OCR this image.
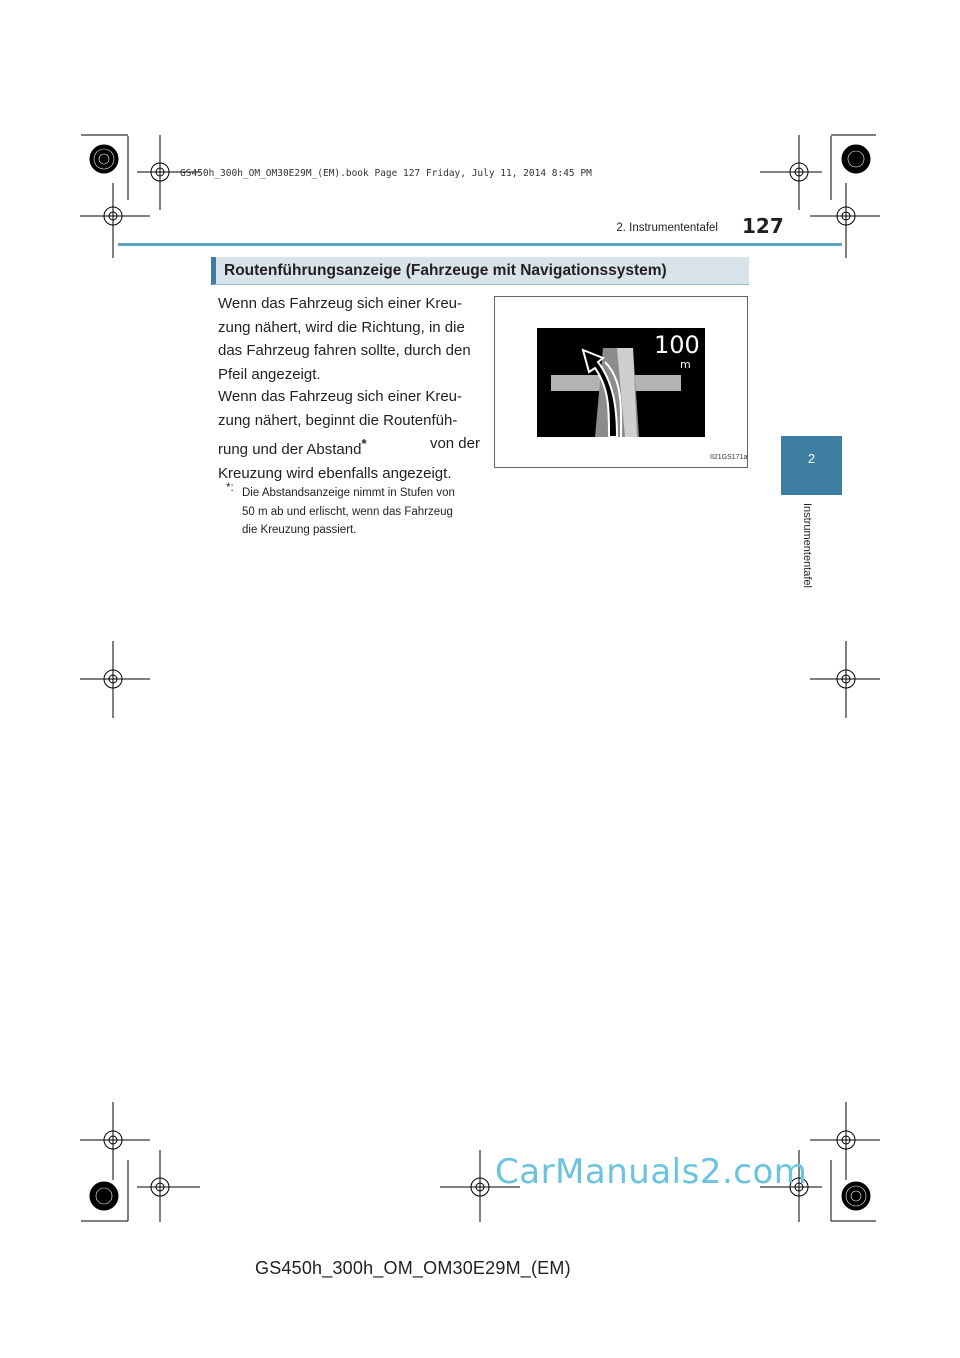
GS450h_300h_OM_OM30E29M_(EM).book Page 127 Friday, July 11, 2014 8:45 PM
2. Instrumententafel 127
2
Instrumententafel
Routenführungsanzeige (Fahrzeuge mit Navigationssystem)
Wenn das Fahrzeug sich einer Kreu-
zung nähert, wird die Richtung, in die
das Fahrzeug fahren sollte, durch den
Pfeil angezeigt.
Wenn das Fahrzeug sich einer Kreu-
zung nähert, beginnt die Routenfüh-
rung und der Abstand*	von der
Kreuzung wird ebenfalls angezeigt.
*: Die Abstandsanzeige nimmt in Stufen von
50 m ab und erlischt, wenn das Fahrzeug
die Kreuzung passiert.
100
m
II21GS171a
CarManuals2.com
GS450h_300h_OM_OM30E29M_(EM)
